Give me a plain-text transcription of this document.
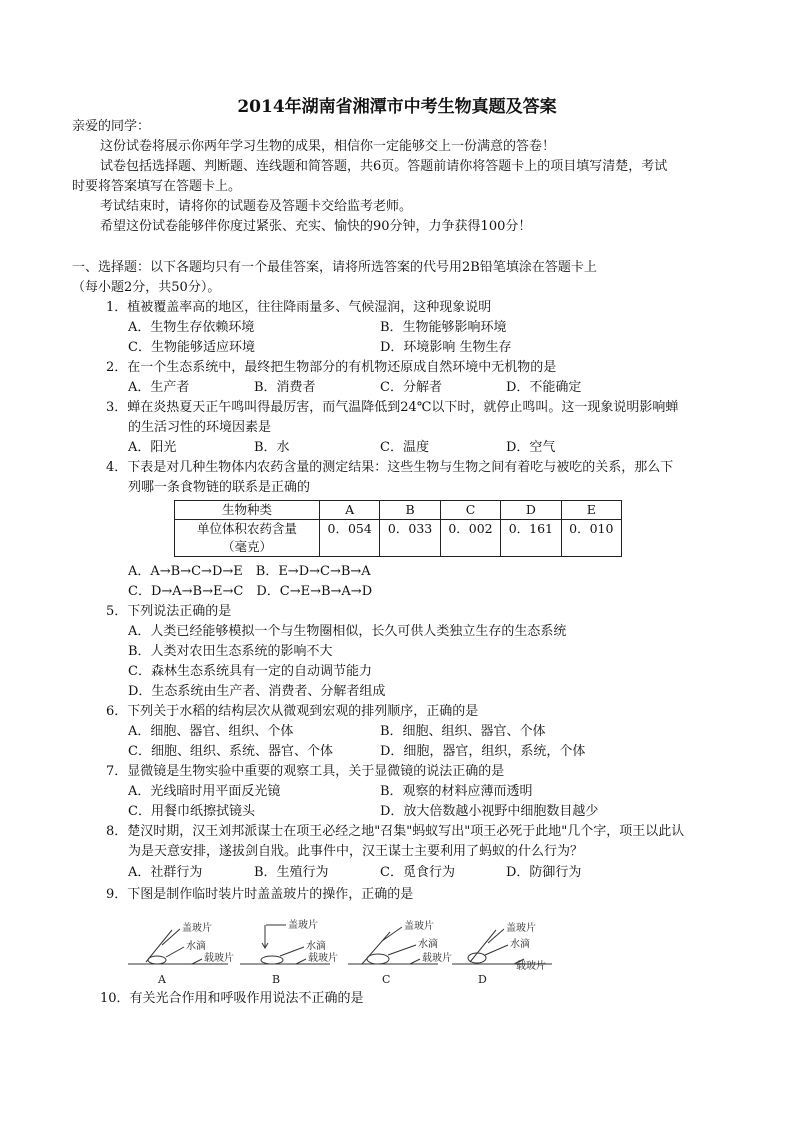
2014年湖南省湘潭市中考生物真题及答案
亲爱的同学：
这份试卷将展示你两年学习生物的成果，相信你一定能够交上一份满意的答卷！
试卷包括选择题、判断题、连线题和简答题，共6页。答题前请你将答题卡上的项目填写清楚，考试
时要将答案填写在答题卡上。
考试结束时，请将你的试题卷及答题卡交给监考老师。
希望这份试卷能够伴你度过紧张、充实、愉快的90分钟，力争获得100分！
一、选择题：以下各题均只有一个最佳答案，请将所选答案的代号用2B铅笔填涂在答题卡上
（每小题2分，共50分）。
1．植被覆盖率高的地区，往往降雨量多、气候湿润，这种现象说明
A．生物生存依赖环境	B．生物能够影响环境
C．生物能够适应环境	D．环境影响 生物生存
2．在一个生态系统中，最终把生物部分的有机物还原成自然环境中无机物的是
A．生产者	B．消费者	C．分解者	D．不能确定
3．蝉在炎热夏天正午鸣叫得最厉害，而气温降低到24℃以下时，就停止鸣叫。这一现象说明影响蝉
的生活习性的环境因素是
A．阳光	B．水	C．温度	D．空气
4．下表是对几种生物体内农药含量的测定结果：这些生物与生物之间有着吃与被吃的关系，那么下
列哪一条食物链的联系是正确的
生物种类	A	B	C	D	E

单位体积农药含量
（毫克）	0．054	0．033	0．002	0．161	0．010
A．A→B→C→D→E　B．E→D→C→B→A
C．D→A→B→E→C　D．C→E→B→A→D
5．下列说法正确的是
A．人类已经能够模拟一个与生物圈相似，长久可供人类独立生存的生态系统
B．人类对农田生态系统的影响不大
C．森林生态系统具有一定的自动调节能力
D．生态系统由生产者、消费者、分解者组成
6．下列关于水稻的结构层次从微观到宏观的排列顺序，正确的是
A．细胞、器官、组织、个体	B．细胞、组织、器官、个体
C．细胞、组织、系统、器官、个体	D．细胞，器官，组织，系统，个体
7．显微镜是生物实验中重要的观察工具，关于显微镜的说法正确的是
A．光线暗时用平面反光镜	B．观察的材料应薄而透明
C．用餐巾纸擦拭镜头	D．放大倍数越小视野中细胞数目越少
8．楚汉时期，汉王刘邦派谋士在项王必经之地"召集"蚂蚁写出"项王必死于此地"几个字，项王以此认
为是天意安排，遂拔剑自戕。此事件中，汉王谋士主要利用了蚂蚁的什么行为？
A．社群行为	B．生殖行为	C．觅食行为	D．防御行为
9．下图是制作临时装片时盖盖玻片的操作，正确的是
盖玻片
水滴
载玻片
A
盖玻片
水滴
载玻片
B
盖玻片
水滴
载玻片
C
盖玻片
水滴
载玻片
D
10．有关光合作用和呼吸作用说法不正确的是
